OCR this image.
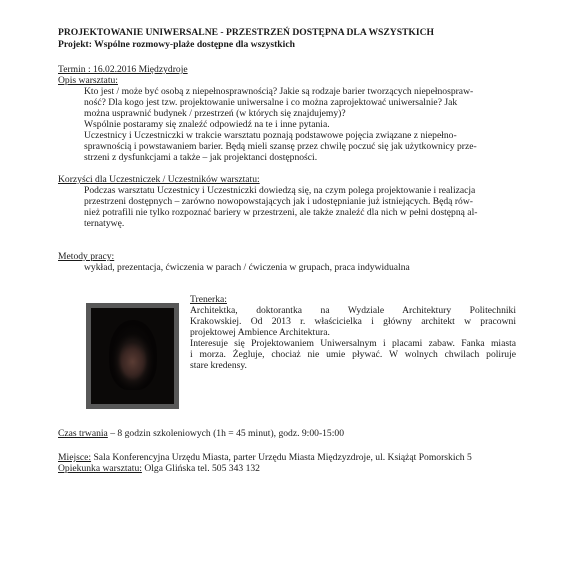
PROJEKTOWANIE UNIWERSALNE - PRZESTRZEŃ DOSTĘPNA DLA WSZYSTKICH
Projekt: Wspólne rozmowy-plaże dostępne dla wszystkich
Termin : 16.02.2016 Międzydroje
Opis warsztatu:
Kto jest / może być osobą z niepełnosprawnością? Jakie są rodzaje barier tworzących niepełnospraw-
ność? Dla kogo jest tzw. projektowanie uniwersalne i co można zaprojektować uniwersalnie? Jak
można usprawnić budynek / przestrzeń (w których się znajdujemy)?
Wspólnie postaramy się znaleźć odpowiedź na te i inne pytania.
Uczestnicy i Uczestniczki w trakcie warsztatu poznają podstawowe pojęcia związane z niepełno-
sprawnością i powstawaniem barier. Będą mieli szansę przez chwilę poczuć się jak użytkownicy prze-
strzeni z dysfunkcjami a także – jak projektanci dostępności.
Korzyści dla Uczestniczek / Uczestników warsztatu:
Podczas warsztatu Uczestnicy i Uczestniczki dowiedzą się, na czym polega projektowanie i realizacja
przestrzeni dostępnych – zarówno nowopowstających jak i udostępnianie już istniejących. Będą rów-
nież potrafili nie tylko rozpoznać bariery w przestrzeni, ale także znaleźć dla nich w pełni dostępną al-
ternatywę.
Metody pracy:
wykład, prezentacja, ćwiczenia w parach / ćwiczenia w grupach, praca indywidualna
Trenerka:
Architektka, doktorantka na Wydziale Architektury Politechniki
Krakowskiej. Od 2013 r. właścicielka i główny architekt w pracowni
projektowej Ambience Architektura.
Interesuje się Projektowaniem Uniwersalnym i placami zabaw. Fanka miasta
i morza. Żegluje, chociaż nie umie pływać. W wolnych chwilach poliruje
stare kredensy.
Czas trwania – 8 godzin szkoleniowych (1h = 45 minut), godz. 9:00-15:00
Miejsce: Sala Konferencyjna Urzędu Miasta, parter Urzędu Miasta Międzyzdroje, ul. Książąt Pomorskich 5
Opiekunka warsztatu: Olga Glińska tel. 505 343 132
